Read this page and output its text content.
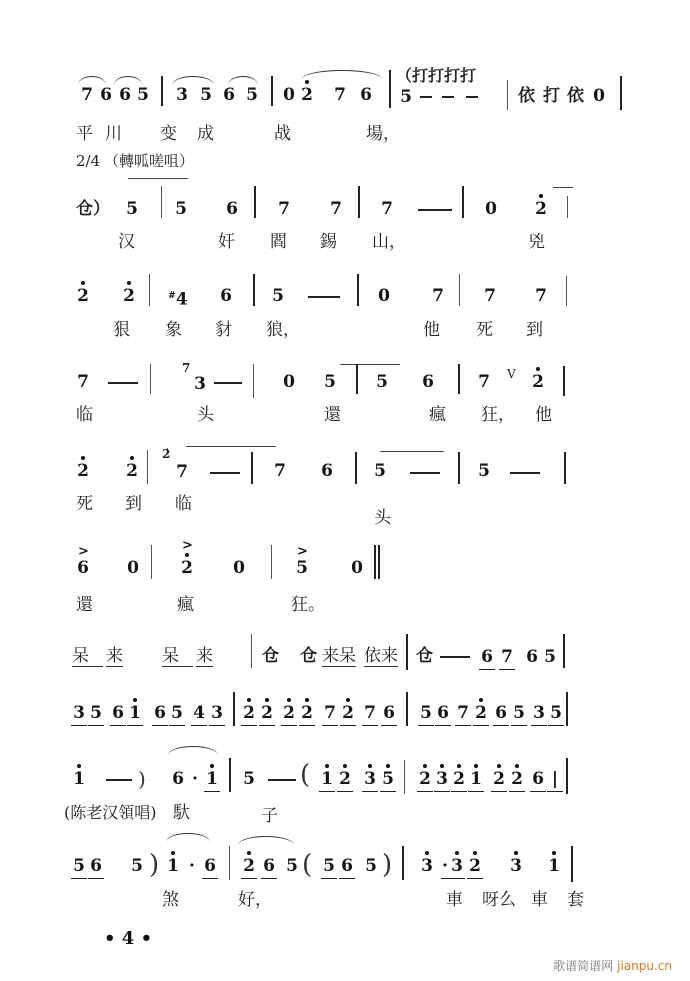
7 6 6 5 3 5 6 5 0 2 7 6
（打打打打
5	依 打 依 0
平 川 变 成	战	場，
2/4 （轉呱嗟咀）
仓） 5 5 6 7 7 7	0 2
汉	奸 閻 錫 山，	兇
2 2	#4 6 5	0 7 7 7
狠 象 豺 狼，	他 死 到
7
7
3	0 5 5 6	7 V 2
临	头	還	瘋 狂， 他
2 2
2̇
7	7 6 5	5
死 到 临
头
>
6 0
>
2 0
>
5	0
還	瘋	狂。
呆	来 呆	来	仓 仓 来呆 依来 仓	6 7 6 5
3 5 6 1 6 5 4 3 2 2 2 2 7 2 7 6 5 6 7 2 6 5 3 5
1	) 6 · 1 5 ( 1 2 3 5 2 3 2 1 2 2 6 |
(陈老汉領唱) 馱	子
5 6 5 ) 1 · 6 2 6 5 ( 5 6 5 ) 3 · 3 2 3 1
煞	好，	車 呀么 車 套
• 4 •
歌谱简谱网 jianpu.cn
